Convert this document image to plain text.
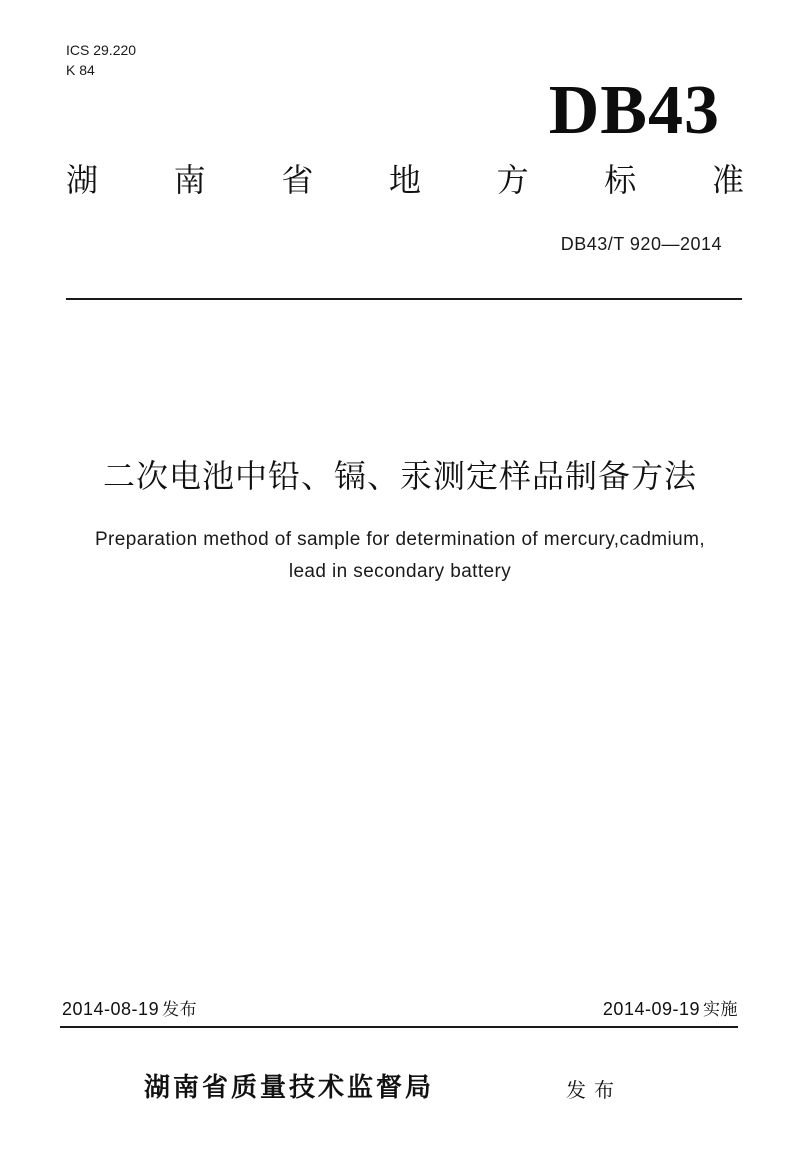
ICS 29.220
K 84
DB43
湖 南 省 地 方 标 准
DB43/T 920—2014
二次电池中铅、镉、汞测定样品制备方法
Preparation method of sample for determination of mercury,cadmium,
lead in secondary battery
2014-08-19 发布	2014-09-19 实施
湖南省质量技术监督局	发布
